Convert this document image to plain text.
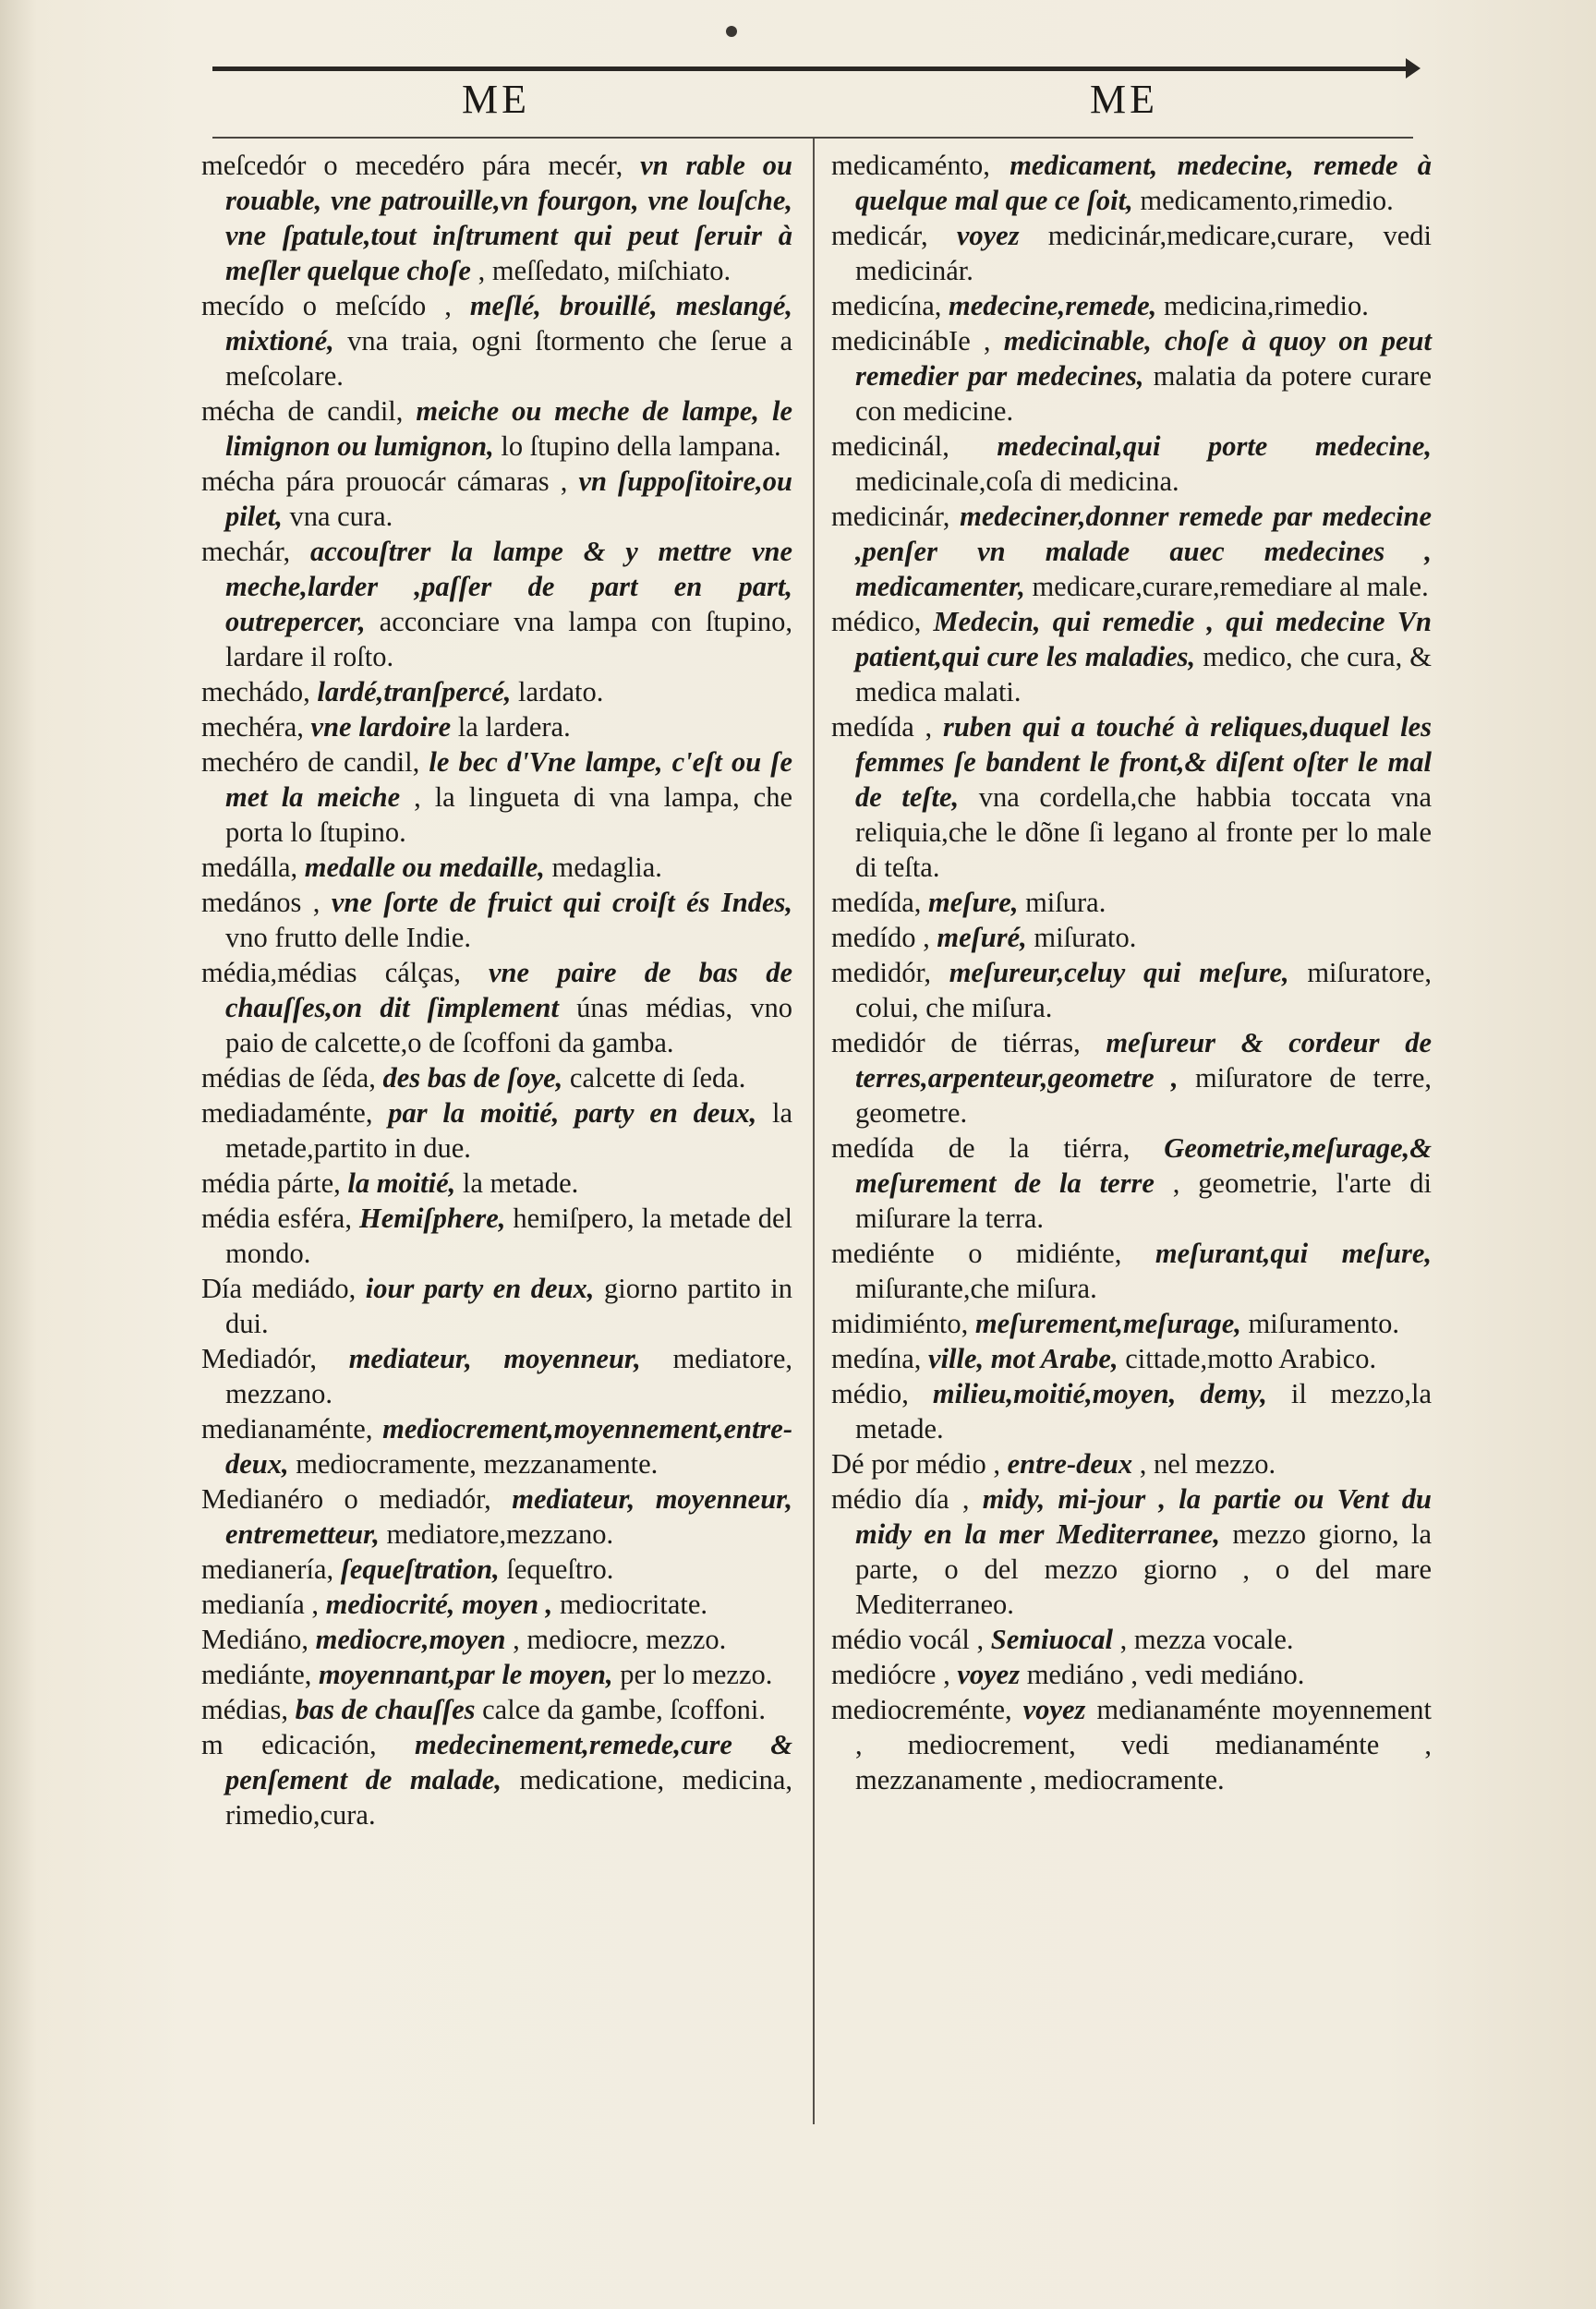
ME	ME

meſcedór o mecedéro pára mecér, vn rable ou rouable, vne patrouille,vn fourgon, vne louſche, vne ſpatule,tout inſtrument qui peut ſeruir à meſler quelque choſe , meſſedato, miſchiato.

mecído o meſcído , meſlé, brouillé, meslangé, mixtioné, vna traia, ogni ſtormento che ſerue a meſcolare.

mécha de candil, meiche ou meche de lampe, le limignon ou lumignon, lo ſtupino della lampana.

mécha pára prouocár cámaras , vn ſuppoſitoire,ou pilet, vna cura.

mechár, accouſtrer la lampe & y mettre vne meche,larder ,paſſer de part en part, outrepercer, acconciare vna lampa con ſtupino, lardare il roſto.

mechádo, lardé,tranſpercé, lardato.

mechéra, vne lardoire la lardera.

mechéro de candil, le bec d'Vne lampe, c'eſt ou ſe met la meiche , la lingueta di vna lampa, che porta lo ſtupino.

medálla, medalle ou medaille, medaglia.

medános , vne ſorte de fruict qui croiſt és Indes, vno frutto delle Indie.

média,médias cálças, vne paire de bas de chauſſes,on dit ſimplement únas médias, vno paio de calcette,o de ſcoffoni da gamba.

médias de ſéda, des bas de ſoye, calcette di ſeda.

mediadaménte, par la moitié, party en deux, la metade,partito in due.

média párte, la moitié, la metade.

média esféra, Hemiſphere, hemiſpero, la metade del mondo.

Día mediádo, iour party en deux, giorno partito in dui.

Mediadór, mediateur, moyenneur, mediatore, mezzano.

medianaménte, mediocrement,moyennement,entre-deux, mediocramente, mezzanamente.

Medianéro o mediadór, mediateur, moyenneur, entremetteur, mediatore,mezzano.

medianería, ſequeſtration, ſequeſtro.

medianía , mediocrité, moyen , mediocritate.

Mediáno, mediocre,moyen , mediocre, mezzo.

mediánte, moyennant,par le moyen, per lo mezzo.

médias, bas de chauſſes calce da gambe, ſcoffoni.

m edicación, medecinement,remede,cure & penſement de malade, medicatione, medicina, rimedio,cura.

medicaménto, medicament, medecine, remede à quelque mal que ce ſoit, medicamento,rimedio.

medicár, voyez medicinár,medicare,curare, vedi medicinár.

medicína, medecine,remede, medicina,rimedio.

medicinábIe , medicinable, choſe à quoy on peut remedier par medecines, malatia da potere curare con medicine.

medicinál, medecinal,qui porte medecine, medicinale,coſa di medicina.

medicinár, medeciner,donner remede par medecine ,penſer vn malade auec medecines , medicamenter, medicare,curare,remediare al male.

médico, Medecin, qui remedie , qui medecine Vn patient,qui cure les maladies, medico, che cura, & medica malati.

medída , ruben qui a touché à reliques,duquel les femmes ſe bandent le front,& diſent oſter le mal de teſte, vna cordella,che habbia toccata vna reliquia,che le dõne ſi legano al fronte per lo male di teſta.

medída, meſure, miſura.

medído , meſuré, miſurato.

medidór, meſureur,celuy qui meſure, miſuratore, colui, che miſura.

medidór de tiérras, meſureur & cordeur de terres,arpenteur,geometre , miſuratore de terre, geometre.

medída de la tiérra, Geometrie,meſurage,& meſurement de la terre , geometrie, l'arte di miſurare la terra.

mediénte o midiénte, meſurant,qui meſure, miſurante,che miſura.

midimiénto, meſurement,meſurage, miſuramento.

medína, ville, mot Arabe, cittade,motto Arabico.

médio, milieu,moitié,moyen, demy, il mezzo,la metade.

Dé por médio , entre-deux , nel mezzo.

médio día , midy, mi-jour , la partie ou Vent du midy en la mer Mediterranee, mezzo giorno, la parte, o del mezzo giorno , o del mare Mediterraneo.

médio vocál , Semiuocal , mezza vocale.

mediócre , voyez mediáno , vedi mediáno.

mediocreménte, voyez medianaménte moyennement , mediocrement, vedi medianaménte , mezzanamente , mediocramente.
